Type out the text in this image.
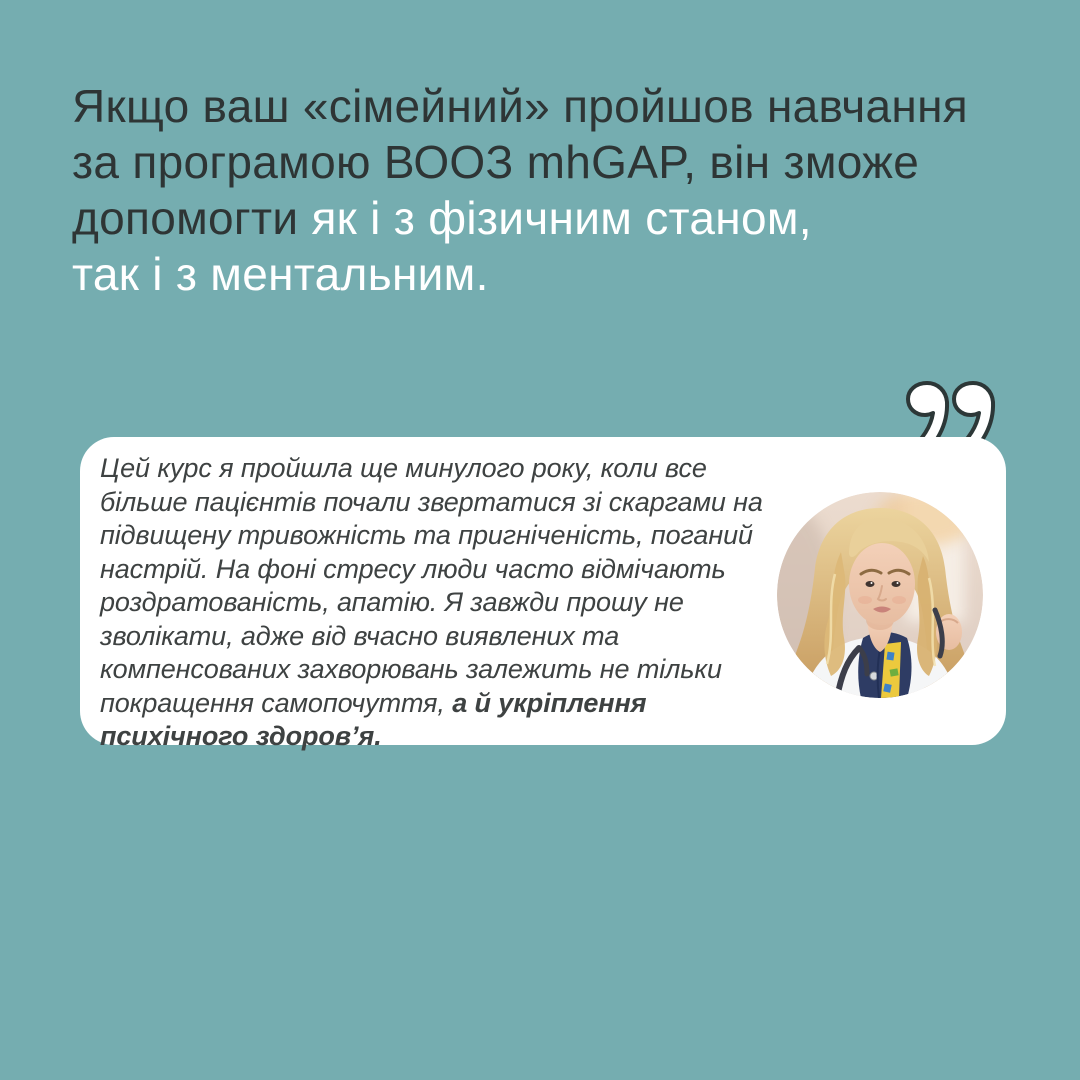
Якщо ваш «сімейний» пройшов навчання
за програмою ВООЗ mhGAP, він зможе
допомогти як і з фізичним станом,
так і з ментальним.
Цей курс я пройшла ще минулого року, коли все
більше пацієнтів почали звертатися зі скаргами на
підвищену тривожність та пригніченість, поганий
настрій. На фоні стресу люди часто відмічають
роздратованість, апатію. Я завжди прошу не
зволікати, адже від вчасно виявлених та
компенсованих захворювань залежить не тільки
покращення самопочуття, а й укріплення
психічного здоров’я.
